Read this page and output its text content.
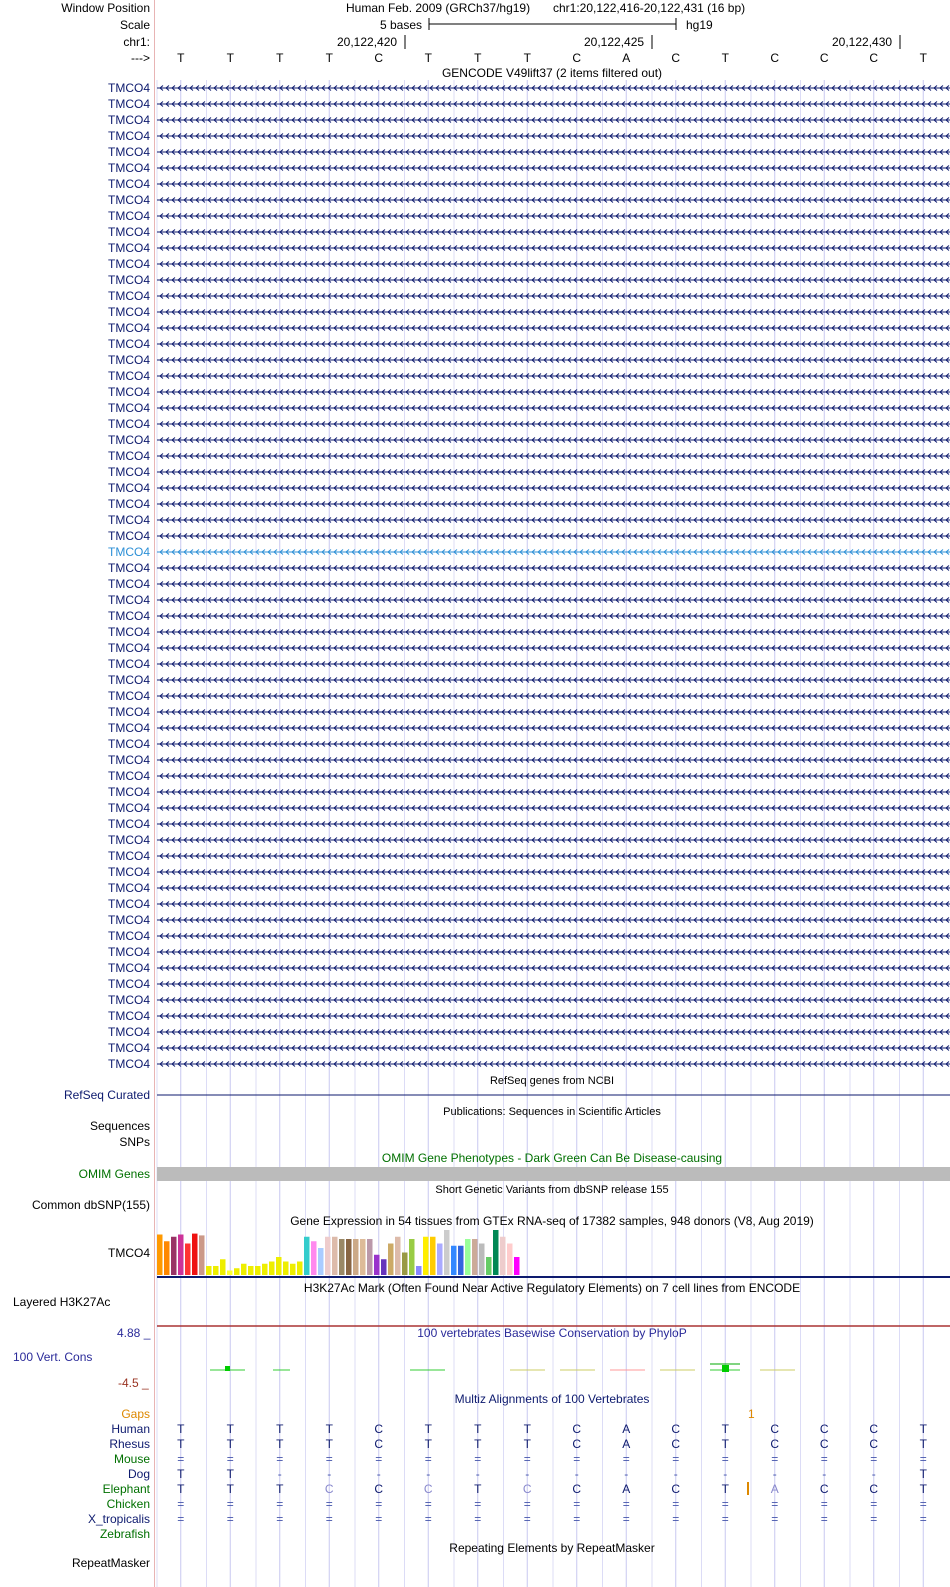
Window Position
Scale
chr1:
--->
Human Feb. 2009 (GRCh37/hg19) chr1:20,122,416-20,122,431 (16 bp)
5 bases	hg19
20,122,420	20,122,425	20,122,430
T	T	T	T	C	T	T	T	C	A	C	T	C	C	C	T
GENCODE V49lift37 (2 items filtered out)
TMCO4
TMCO4
TMCO4
TMCO4
TMCO4
TMCO4
TMCO4
TMCO4
TMCO4
TMCO4
TMCO4
TMCO4
TMCO4
TMCO4
TMCO4
TMCO4
TMCO4
TMCO4
TMCO4
TMCO4
TMCO4
TMCO4
TMCO4
TMCO4
TMCO4
TMCO4
TMCO4
TMCO4
TMCO4
TMCO4
TMCO4
TMCO4
TMCO4
TMCO4
TMCO4
TMCO4
TMCO4
TMCO4
TMCO4
TMCO4
TMCO4
TMCO4
TMCO4
TMCO4
TMCO4
TMCO4
TMCO4
TMCO4
TMCO4
TMCO4
TMCO4
TMCO4
TMCO4
TMCO4
TMCO4
TMCO4
TMCO4
TMCO4
TMCO4
TMCO4
TMCO4
TMCO4
RefSeq genes from NCBI
RefSeq Curated
Publications: Sequences in Scientific Articles
Sequences
SNPs
OMIM Gene Phenotypes - Dark Green Can Be Disease-causing
OMIM Genes
Short Genetic Variants from dbSNP release 155
Common dbSNP(155)
Gene Expression in 54 tissues from GTEx RNA-seq of 17382 samples, 948 donors (V8, Aug 2019)
TMCO4
H3K27Ac Mark (Often Found Near Active Regulatory Elements) on 7 cell lines from ENCODE
Layered H3K27Ac
100 vertebrates Basewise Conservation by PhyloP
4.88 _
100 Vert. Cons
-4.5 _
Multiz Alignments of 100 Vertebrates
Gaps	1
Human	T	T	T	T	C	T	T	T	C	A	C	T	C	C	C	T
Rhesus	T	T	T	T	C	T	T	T	C	A	C	T	C	C	C	T
Mouse	=	=	=	=	=	=	=	=	=	=	=	=	=	=	=	=
Dog	T	T	-	-	-	-	-	-	-	-	-	-	-	-	-	T
Elephant	T	T	T	C	C	C	T	C	C	A	C	T	A	C	C	T
Chicken	=	=	=	=	=	=	=	=	=	=	=	=	=	=	=	=
X_tropicalis	=	=	=	=	=	=	=	=	=	=	=	=	=	=	=	=
Zebrafish
Repeating Elements by RepeatMasker
RepeatMasker
